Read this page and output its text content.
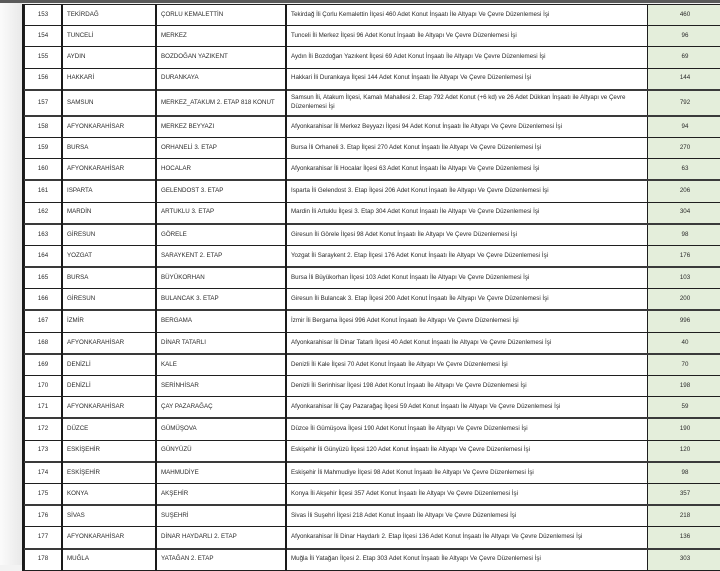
153	TEKİRDAĞ	ÇORLU KEMALETTİN	Tekirdağ İli Çorlu Kemalettin İlçesi 460 Adet Konut İnşaatı İle Altyapı Ve Çevre Düzenlemesi İşi	460
154	TUNCELİ	MERKEZ	Tunceli İli Merkez İlçesi 96 Adet Konut İnşaatı İle Altyapı Ve Çevre Düzenlemesi İşi	96
155	AYDIN	BOZDOĞAN YAZIKENT	Aydın İli Bozdoğan Yazıkent İlçesi 69 Adet Konut İnşaatı İle Altyapı Ve Çevre Düzenlemesi İşi	69
156	HAKKARİ	DURANKAYA	Hakkari İli Durankaya İlçesi 144 Adet Konut İnşaatı İle Altyapı Ve Çevre Düzenlemesi İşi	144
157	SAMSUN	MERKEZ_ATAKUM 2. ETAP 818 KONUT	Samsun İli, Atakum İlçesi, Kamalı Mahallesi 2. Etap 792 Adet Konut (+6 kd) ve 26 Adet Dükkan İnşaatı ile Altyapı ve Çevre Düzenlemesi İşi	792
158	AFYONKARAHİSAR	MERKEZ BEYYAZI	Afyonkarahisar İli Merkez Beyyazı İlçesi 94 Adet Konut İnşaatı İle Altyapı Ve Çevre Düzenlemesi İşi	94
159	BURSA	ORHANELİ 3. ETAP	Bursa İli Orhaneli 3. Etap İlçesi 270 Adet Konut İnşaatı İle Altyapı Ve Çevre Düzenlemesi İşi	270
160	AFYONKARAHİSAR	HOCALAR	Afyonkarahisar İli Hocalar İlçesi 63 Adet Konut İnşaatı İle Altyapı Ve Çevre Düzenlemesi İşi	63
161	ISPARTA	GELENDOST 3. ETAP	Isparta İli Gelendost 3. Etap İlçesi 206 Adet Konut İnşaatı İle Altyapı Ve Çevre Düzenlemesi İşi	206
162	MARDİN	ARTUKLU 3. ETAP	Mardin İli Artuklu İlçesi 3. Etap 304 Adet Konut İnşaatı İle Altyapı Ve Çevre Düzenlemesi İşi	304
163	GİRESUN	GÖRELE	Giresun İli Görele İlçesi 98 Adet Konut İnşaatı İle Altyapı Ve Çevre Düzenlemesi İşi	98
164	YOZGAT	SARAYKENT 2. ETAP	Yozgat İli Saraykent 2. Etap İlçesi 176 Adet Konut İnşaatı İle Altyapı Ve Çevre Düzenlemesi İşi	176
165	BURSA	BÜYÜKORHAN	Bursa İli Büyükorhan İlçesi 103 Adet Konut İnşaatı İle Altyapı Ve Çevre Düzenlemesi İşi	103
166	GİRESUN	BULANCAK 3. ETAP	Giresun İli Bulancak 3. Etap İlçesi 200 Adet Konut İnşaatı İle Altyapı Ve Çevre Düzenlemesi İşi	200
167	İZMİR	BERGAMA	İzmir İli Bergama İlçesi 996 Adet Konut İnşaatı İle Altyapı Ve Çevre Düzenlemesi İşi	996
168	AFYONKARAHİSAR	DİNAR TATARLI	Afyonkarahisar İli Dinar Tatarlı İlçesi 40 Adet Konut İnşaatı İle Altyapı Ve Çevre Düzenlemesi İşi	40
169	DENİZLİ	KALE	Denizli İli Kale İlçesi 70 Adet Konut İnşaatı İle Altyapı Ve Çevre Düzenlemesi İşi	70
170	DENİZLİ	SERİNHİSAR	Denizli İli Serinhisar İlçesi 198 Adet Konut İnşaatı İle Altyapı Ve Çevre Düzenlemesi İşi	198
171	AFYONKARAHİSAR	ÇAY PAZARAĞAÇ	Afyonkarahisar İli Çay Pazarağaç İlçesi 59 Adet Konut İnşaatı İle Altyapı Ve Çevre Düzenlemesi İşi	59
172	DÜZCE	GÜMÜŞOVA	Düzce İli Gümüşova İlçesi 190 Adet Konut İnşaatı İle Altyapı Ve Çevre Düzenlemesi İşi	190
173	ESKİŞEHİR	GÜNYÜZÜ	Eskişehir İli Günyüzü İlçesi 120 Adet Konut İnşaatı İle Altyapı Ve Çevre Düzenlemesi İşi	120
174	ESKİŞEHİR	MAHMUDİYE	Eskişehir İli Mahmudiye İlçesi 98 Adet Konut İnşaatı İle Altyapı Ve Çevre Düzenlemesi İşi	98
175	KONYA	AKŞEHİR	Konya İli Akşehir İlçesi 357 Adet Konut İnşaatı İle Altyapı Ve Çevre Düzenlemesi İşi	357
176	SİVAS	SUŞEHRİ	Sivas İli Suşehri İlçesi 218 Adet Konut İnşaatı İle Altyapı Ve Çevre Düzenlemesi İşi	218
177	AFYONKARAHİSAR	DİNAR HAYDARLI 2. ETAP	Afyonkarahisar İli Dinar Haydarlı 2. Etap İlçesi 136 Adet Konut İnşaatı İle Altyapı Ve Çevre Düzenlemesi İşi	136
178	MUĞLA	YATAĞAN 2. ETAP	Muğla İli Yatağan İlçesi 2. Etap 303 Adet Konut İnşaatı İle Altyapı Ve Çevre Düzenlemesi İşi	303
